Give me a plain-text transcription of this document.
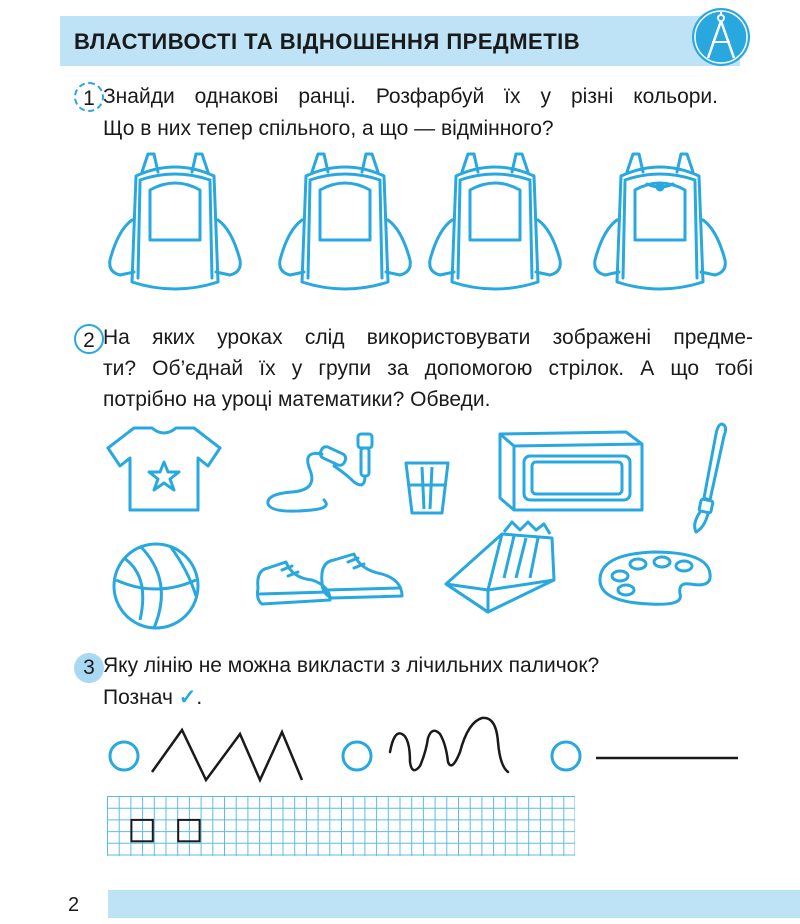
ВЛАСТИВОСТІ ТА ВІДНОШЕННЯ ПРЕДМЕТІВ
1 Знайди однакові ранці. Розфарбуй їх у різні кольори.
Що в них тепер спільного, а що — відмінного?
2 На яких уроках слід використовувати зображені предме-
ти? Об’єднай їх у групи за допомогою стрілок. А що тобі
потрібно на уроці математики? Обведи.
3 Яку лінію не можна викласти з лічильних паличок?
Познач ✓.
2
